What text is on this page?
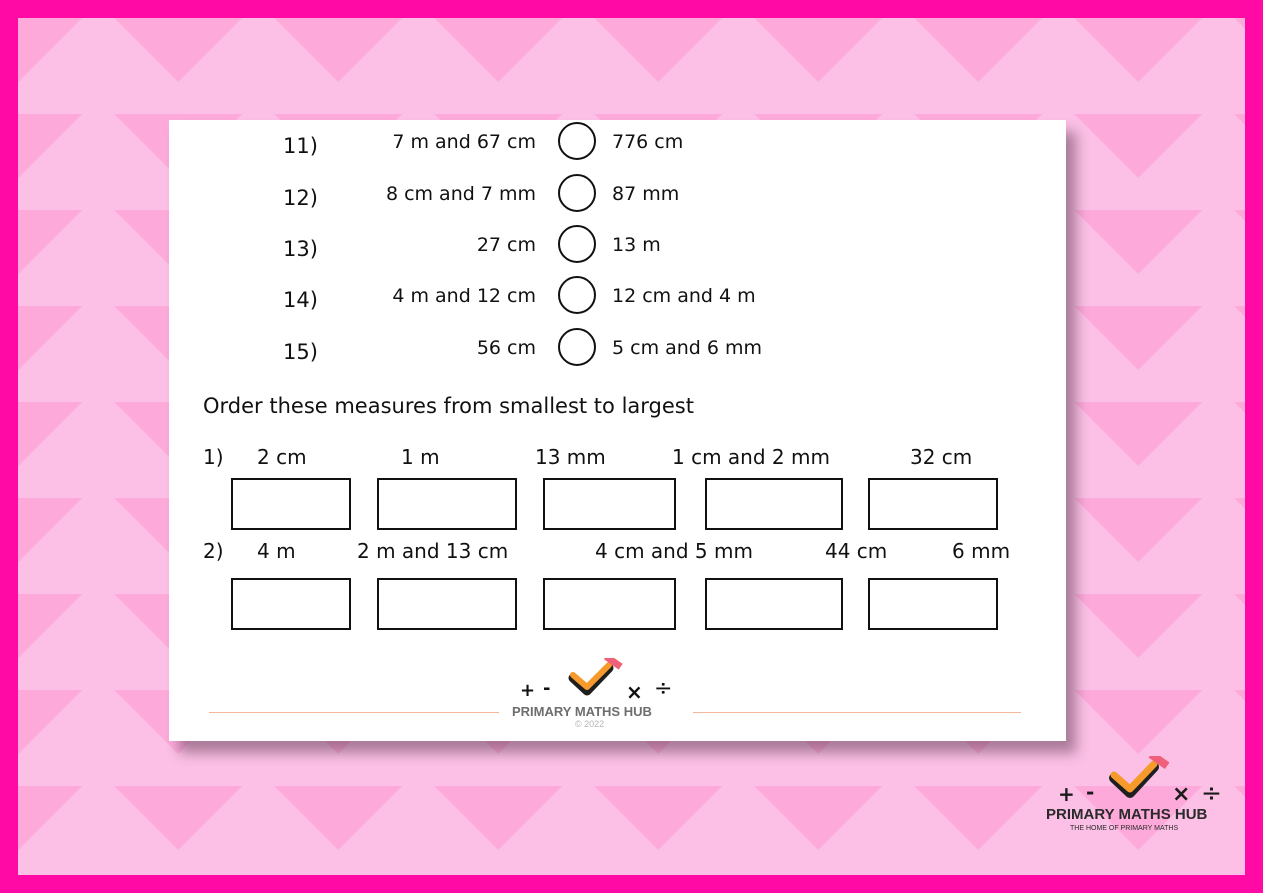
11)	7 m and 67 cm	776 cm
12)	8 cm and 7 mm	87 mm
13)	27 cm	13 m
14)	4 m and 12 cm	12 cm and 4 m
15)	56 cm	5 cm and 6 mm
Order these measures from smallest to largest
1) 2 cm	1 m	13 mm	1 cm and 2 mm	32 cm
2) 4 m	2 m and 13 cm	4 cm and 5 mm	44 cm	6 mm
+ -	× ÷
PRIMARY MATHS HUB
© 2022
+ -	× ÷
PRIMARY MATHS HUB
THE HOME OF PRIMARY MATHS
